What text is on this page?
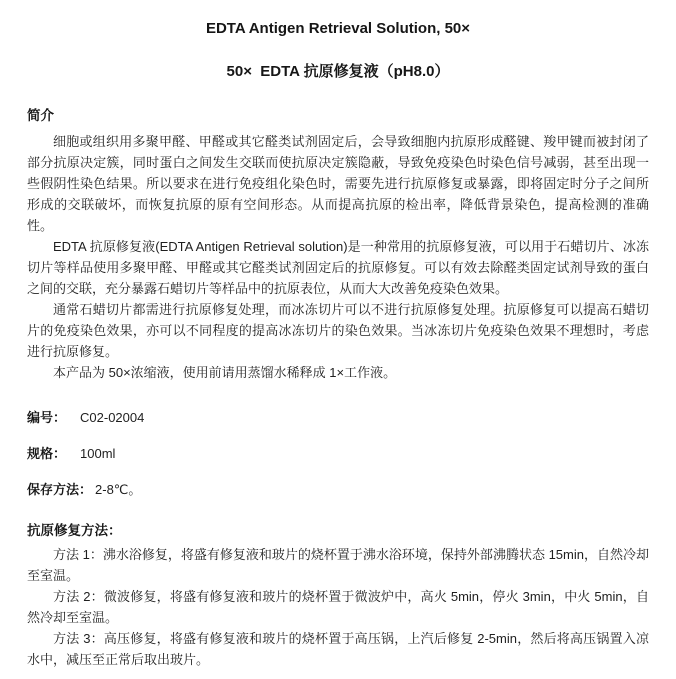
EDTA Antigen Retrieval Solution, 50×
50×  EDTA 抗原修复液（pH8.0）
简介

细胞或组织用多聚甲醛、甲醛或其它醛类试剂固定后，会导致细胞内抗原形成醛键、羧甲键而被封闭了部分抗原决定簇，同时蛋白之间发生交联而使抗原决定簇隐蔽，导致免疫染色时染色信号减弱，甚至出现一些假阴性染色结果。所以要求在进行免疫组化染色时，需要先进行抗原修复或暴露，即将固定时分子之间所形成的交联破坏，而恢复抗原的原有空间形态。从而提高抗原的检出率，降低背景染色，提高检测的准确性。

EDTA 抗原修复液(EDTA Antigen Retrieval solution)是一种常用的抗原修复液，可以用于石蜡切片、冰冻切片等样品使用多聚甲醛、甲醛或其它醛类试剂固定后的抗原修复。可以有效去除醛类固定试剂导致的蛋白之间的交联，充分暴露石蜡切片等样品中的抗原表位，从而大大改善免疫染色效果。

通常石蜡切片都需进行抗原修复处理，而冰冻切片可以不进行抗原修复处理。抗原修复可以提高石蜡切片的免疫染色效果，亦可以不同程度的提高冰冻切片的染色效果。当冰冻切片免疫染色效果不理想时，考虑进行抗原修复。

本产品为 50×浓缩液，使用前请用蒸馏水稀释成 1×工作液。

编号： C02-02004
规格： 100ml
保存方法： 2-8℃。
抗原修复方法：

方法 1：沸水浴修复，将盛有修复液和玻片的烧杯置于沸水浴环境，保持外部沸腾状态 15min，自然冷却至室温。

方法 2：微波修复，将盛有修复液和玻片的烧杯置于微波炉中，高火 5min，停火 3min，中火 5min，自然冷却至室温。

方法 3：高压修复，将盛有修复液和玻片的烧杯置于高压锅，上汽后修复 2-5min，然后将高压锅置入凉水中，减压至正常后取出玻片。
